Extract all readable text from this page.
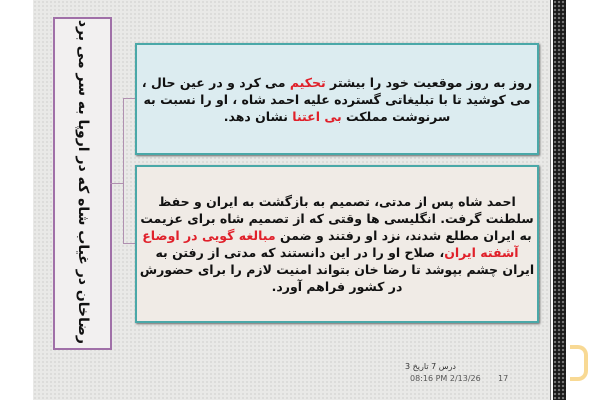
رضاخان در غیاب شاه که در اروپا به سر می برد	روز به روز موقعیت خود را بیشتر تحکیم می کرد و در عین حال ، می کوشید تا با تبلیغاتی گسترده علیه احمد شاه ، او را نسبت به سرنوشت مملکت بی اعتنا نشان دهد.
احمد شاه پس از مدتی، تصمیم به بازگشت به ایران و حفظ سلطنت گرفت. انگلیسی ها وقتی که از تصمیم شاه برای عزیمت به ایران مطلع شدند، نزد او رفتند و ضمن مبالغه گویی در اوضاع آشفته ایران، صلاح او را در این دانستند که مدتی از رفتن به ایران چشم بپوشد تا رضا خان بتواند امنیت لازم را برای حضورش در کشور فراهم آورد.
درس 7 تاریخ 3
08:16 PM 2/13/26 17
